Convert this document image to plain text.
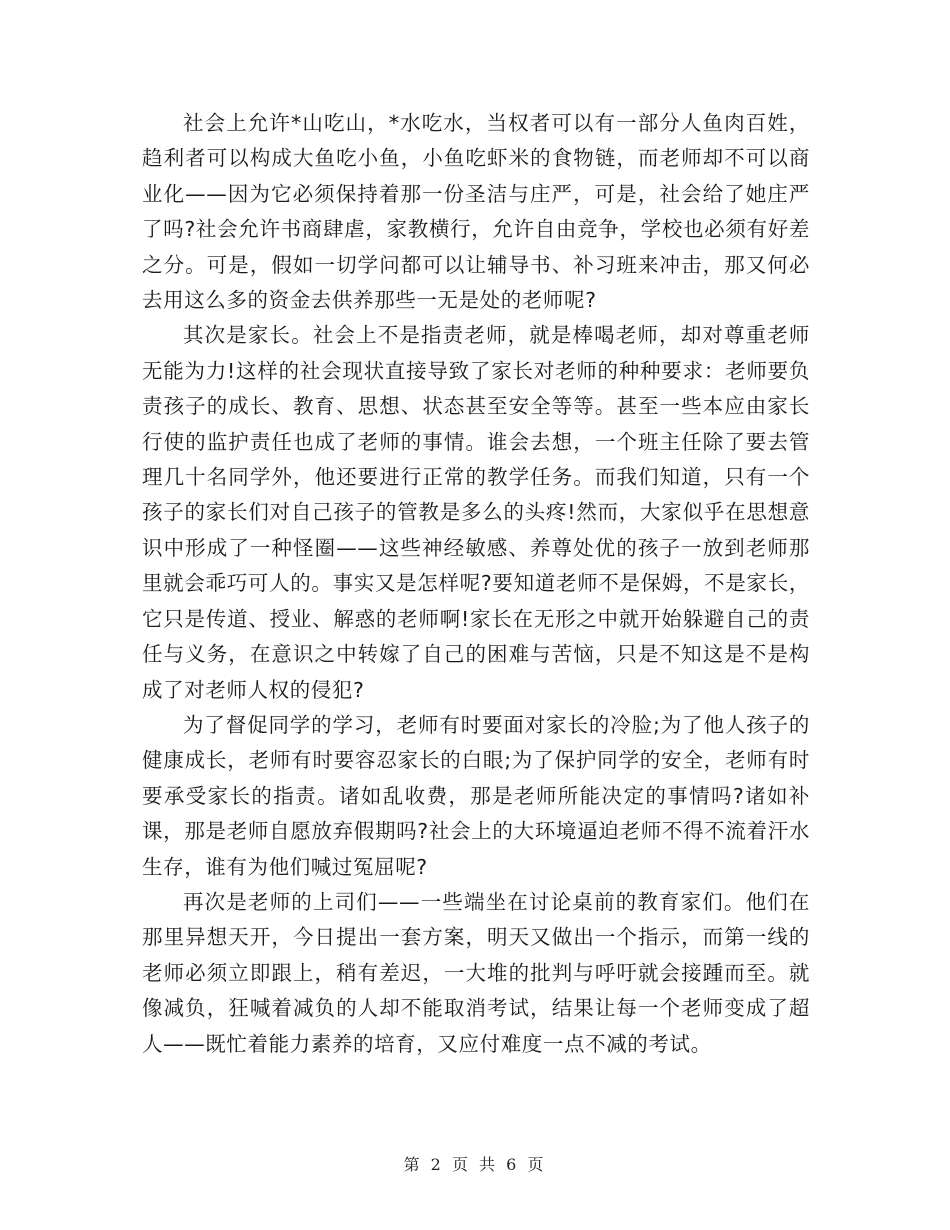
社会上允许*山吃山，*水吃水，当权者可以有一部分人鱼肉百姓，趋利者可以构成大鱼吃小鱼，小鱼吃虾米的食物链，而老师却不可以商业化——因为它必须保持着那一份圣洁与庄严，可是，社会给了她庄严了吗?社会允许书商肆虐，家教横行，允许自由竞争，学校也必须有好差之分。可是，假如一切学问都可以让辅导书、补习班来冲击，那又何必去用这么多的资金去供养那些一无是处的老师呢?

其次是家长。社会上不是指责老师，就是棒喝老师，却对尊重老师无能为力!这样的社会现状直接导致了家长对老师的种种要求：老师要负责孩子的成长、教育、思想、状态甚至安全等等。甚至一些本应由家长行使的监护责任也成了老师的事情。谁会去想，一个班主任除了要去管理几十名同学外，他还要进行正常的教学任务。而我们知道，只有一个孩子的家长们对自己孩子的管教是多么的头疼!然而，大家似乎在思想意识中形成了一种怪圈——这些神经敏感、养尊处优的孩子一放到老师那里就会乖巧可人的。事实又是怎样呢?要知道老师不是保姆，不是家长，它只是传道、授业、解惑的老师啊!家长在无形之中就开始躲避自己的责任与义务，在意识之中转嫁了自己的困难与苦恼，只是不知这是不是构成了对老师人权的侵犯?

为了督促同学的学习，老师有时要面对家长的冷脸;为了他人孩子的健康成长，老师有时要容忍家长的白眼;为了保护同学的安全，老师有时要承受家长的指责。诸如乱收费，那是老师所能决定的事情吗?诸如补课，那是老师自愿放弃假期吗?社会上的大环境逼迫老师不得不流着汗水生存，谁有为他们喊过冤屈呢?

再次是老师的上司们——一些端坐在讨论桌前的教育家们。他们在那里异想天开，今日提出一套方案，明天又做出一个指示，而第一线的老师必须立即跟上，稍有差迟，一大堆的批判与呼吁就会接踵而至。就像减负，狂喊着减负的人却不能取消考试，结果让每一个老师变成了超人——既忙着能力素养的培育，又应付难度一点不减的考试。

第 2 页 共 6 页
